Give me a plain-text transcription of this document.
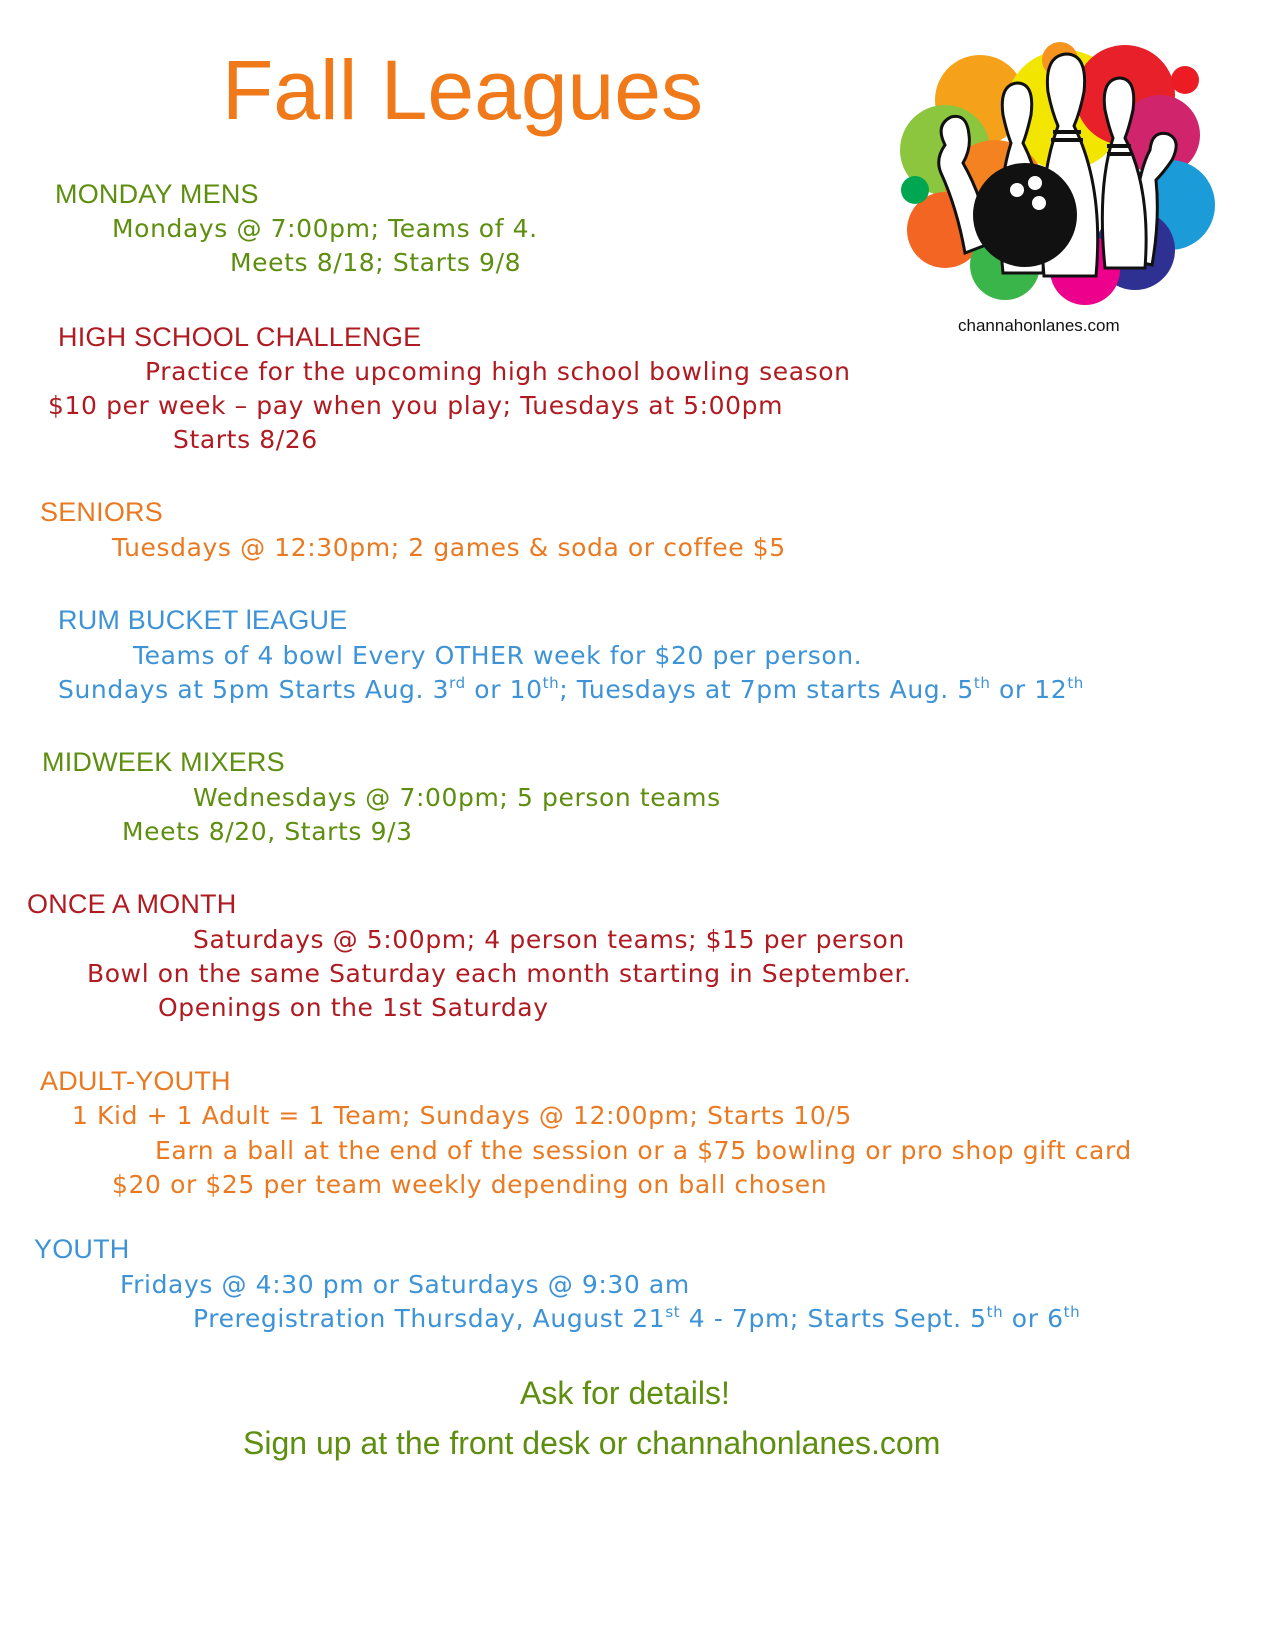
Fall Leagues
channahonlanes.com
MONDAY MENS
Mondays @ 7:00pm; Teams of 4.
Meets 8/18; Starts 9/8
HIGH SCHOOL CHALLENGE
Practice for the upcoming high school bowling season
$10 per week – pay when you play; Tuesdays at 5:00pm
Starts 8/26
SENIORS
Tuesdays @ 12:30pm; 2 games & soda or coffee $5
RUM BUCKET lEAGUE
Teams of 4 bowl Every OTHER week for $20 per person.
Sundays at 5pm Starts Aug. 3rd or 10th; Tuesdays at 7pm starts Aug. 5th or 12th
MIDWEEK MIXERS
Wednesdays @ 7:00pm; 5 person teams
Meets 8/20, Starts 9/3
ONCE A MONTH
Saturdays @ 5:00pm; 4 person teams; $15 per person
Bowl on the same Saturday each month starting in September.
Openings on the 1st Saturday
ADULT-YOUTH
1 Kid + 1 Adult = 1 Team; Sundays @ 12:00pm; Starts 10/5
Earn a ball at the end of the session or a $75 bowling or pro shop gift card
$20 or $25 per team weekly depending on ball chosen
YOUTH
Fridays @ 4:30 pm or Saturdays @ 9:30 am
Preregistration Thursday, August 21st 4 - 7pm; Starts Sept. 5th or 6th
Ask for details!
Sign up at the front desk or channahonlanes.com
